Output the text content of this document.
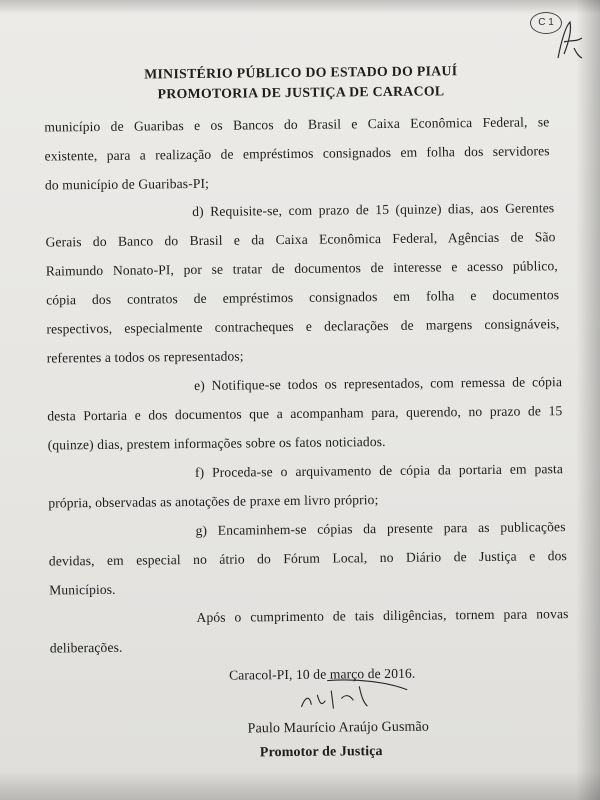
C 1
MINISTÉRIO PÚBLICO DO ESTADO DO PIAUÍ
PROMOTORIA DE JUSTIÇA DE CARACOL
município de Guaribas e os Bancos do Brasil e Caixa Econômica Federal, se
existente, para a realização de empréstimos consignados em folha dos servidores
do município de Guaribas-PI;
d) Requisite-se, com prazo de 15 (quinze) dias, aos Gerentes
Gerais do Banco do Brasil e da Caixa Econômica Federal, Agências de São
Raimundo Nonato-PI, por se tratar de documentos de interesse e acesso público,
cópia dos contratos de empréstimos consignados em folha e documentos
respectivos, especialmente contracheques e declarações de margens consignáveis,
referentes a todos os representados;
e) Notifique-se todos os representados, com remessa de cópia
desta Portaria e dos documentos que a acompanham para, querendo, no prazo de 15
(quinze) dias, prestem informações sobre os fatos noticiados.
f) Proceda-se o arquivamento de cópia da portaria em pasta
própria, observadas as anotações de praxe em livro próprio;
g) Encaminhem-se cópias da presente para as publicações
devidas, em especial no átrio do Fórum Local, no Diário de Justiça e dos
Municípios.
Após o cumprimento de tais diligências, tornem para novas
deliberações.
Caracol-PI, 10 de março de 2016.
Paulo Maurício Araújo Gusmão
Promotor de Justiça
